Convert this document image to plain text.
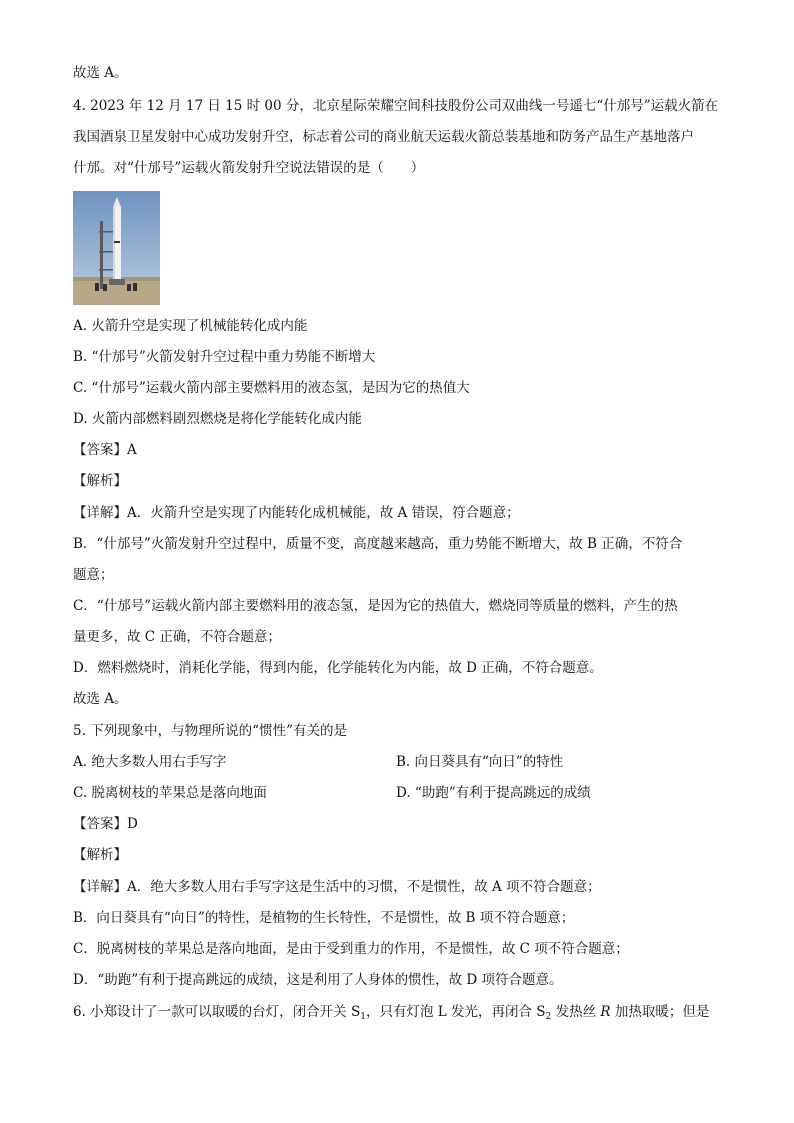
故选 A。
4. 2023 年 12 月 17 日 15 时 00 分，北京星际荣耀空间科技股份公司双曲线一号遥七“什邡号”运载火箭在
我国酒泉卫星发射中心成功发射升空，标志着公司的商业航天运载火箭总装基地和防务产品生产基地落户
什邡。对“什邡号”运载火箭发射升空说法错误的是（　　）
A. 火箭升空是实现了机械能转化成内能
B. “什邡号”火箭发射升空过程中重力势能不断增大
C. “什邡号”运载火箭内部主要燃料用的液态氢，是因为它的热值大
D. 火箭内部燃料剧烈燃烧是将化学能转化成内能
【答案】A
【解析】
【详解】A．火箭升空是实现了内能转化成机械能，故 A 错误，符合题意；
B．“什邡号”火箭发射升空过程中，质量不变，高度越来越高，重力势能不断增大，故 B 正确，不符合
题意；
C．“什邡号”运载火箭内部主要燃料用的液态氢，是因为它的热值大，燃烧同等质量的燃料，产生的热
量更多，故 C 正确，不符合题意；
D．燃料燃烧时，消耗化学能，得到内能，化学能转化为内能，故 D 正确，不符合题意。
故选 A。
5. 下列现象中，与物理所说的“惯性”有关的是
A. 绝大多数人用右手写字	B. 向日葵具有“向日”的特性
C. 脱离树枝的苹果总是落向地面	D. “助跑”有利于提高跳远的成绩
【答案】D
【解析】
【详解】A．绝大多数人用右手写字这是生活中的习惯，不是惯性，故 A 项不符合题意；
B．向日葵具有“向日”的特性，是植物的生长特性，不是惯性，故 B 项不符合题意；
C．脱离树枝的苹果总是落向地面，是由于受到重力的作用，不是惯性，故 C 项不符合题意；
D．“助跑”有利于提高跳远的成绩，这是利用了人身体的惯性，故 D 项符合题意。
6. 小郑设计了一款可以取暖的台灯，闭合开关 $S_1$，只有灯泡 L 发光，再闭合 $S_2$ 发热丝 R 加热取暖；但是
